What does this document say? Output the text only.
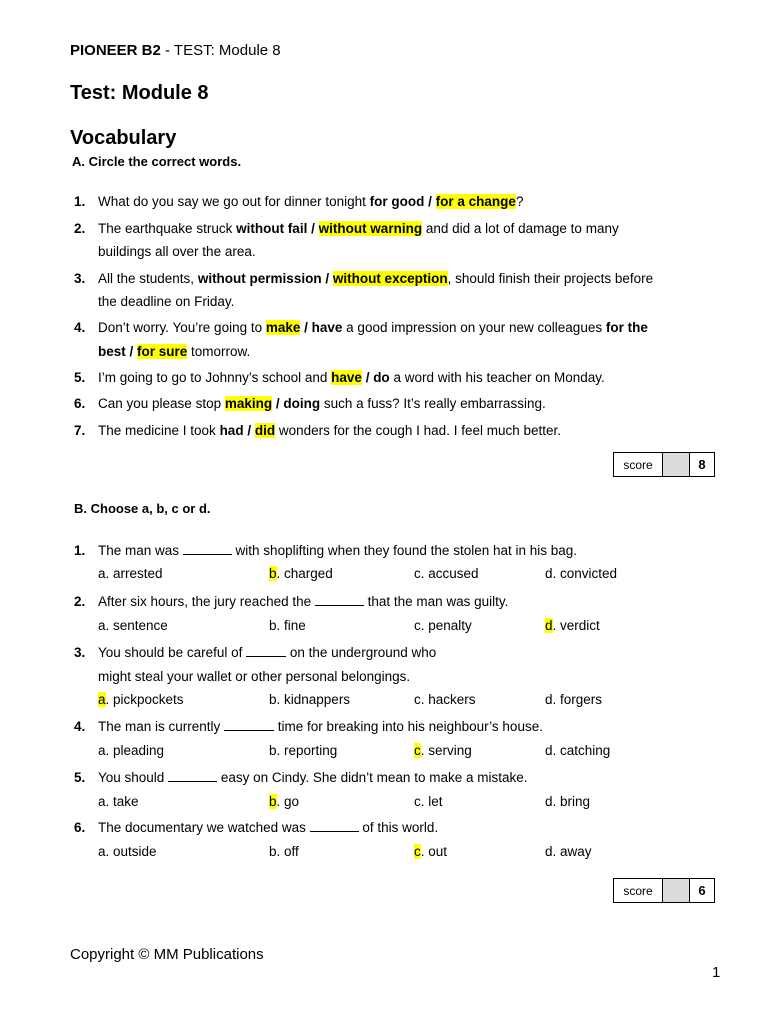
PIONEER B2 - TEST: Module 8
Test: Module 8
Vocabulary
A. Circle the correct words.
1. What do you say we go out for dinner tonight for good / for a change?
2. The earthquake struck without fail / without warning and did a lot of damage to many
buildings all over the area.
3. All the students, without permission / without exception, should finish their projects before
the deadline on Friday.
4. Don’t worry. You’re going to make / have a good impression on your new colleagues for the
best / for sure tomorrow.
5. I’m going to go to Johnny’s school and have / do a word with his teacher on Monday.
6. Can you please stop making / doing such a fuss? It’s really embarrassing.
7. The medicine I took had / did wonders for the cough I had. I feel much better.
score	8
B. Choose a, b, c or d.
1. The man was	with shoplifting when they found the stolen hat in his bag.
a. arrested	b. charged	c. accused	d. convicted
2. After six hours, the jury reached the	that the man was guilty.
a. sentence	b. fine	c. penalty	d. verdict
3. You should be careful of	on the underground who
might steal your wallet or other personal belongings.
a. pickpockets	b. kidnappers	c. hackers	d. forgers
4. The man is currently	time for breaking into his neighbour’s house.
a. pleading	b. reporting	c. serving	d. catching
5. You should	easy on Cindy. She didn’t mean to make a mistake.
a. take	b. go	c. let	d. bring
6. The documentary we watched was	of this world.
a. outside	b. off	c. out	d. away
score	6
Copyright © MM Publications
1
